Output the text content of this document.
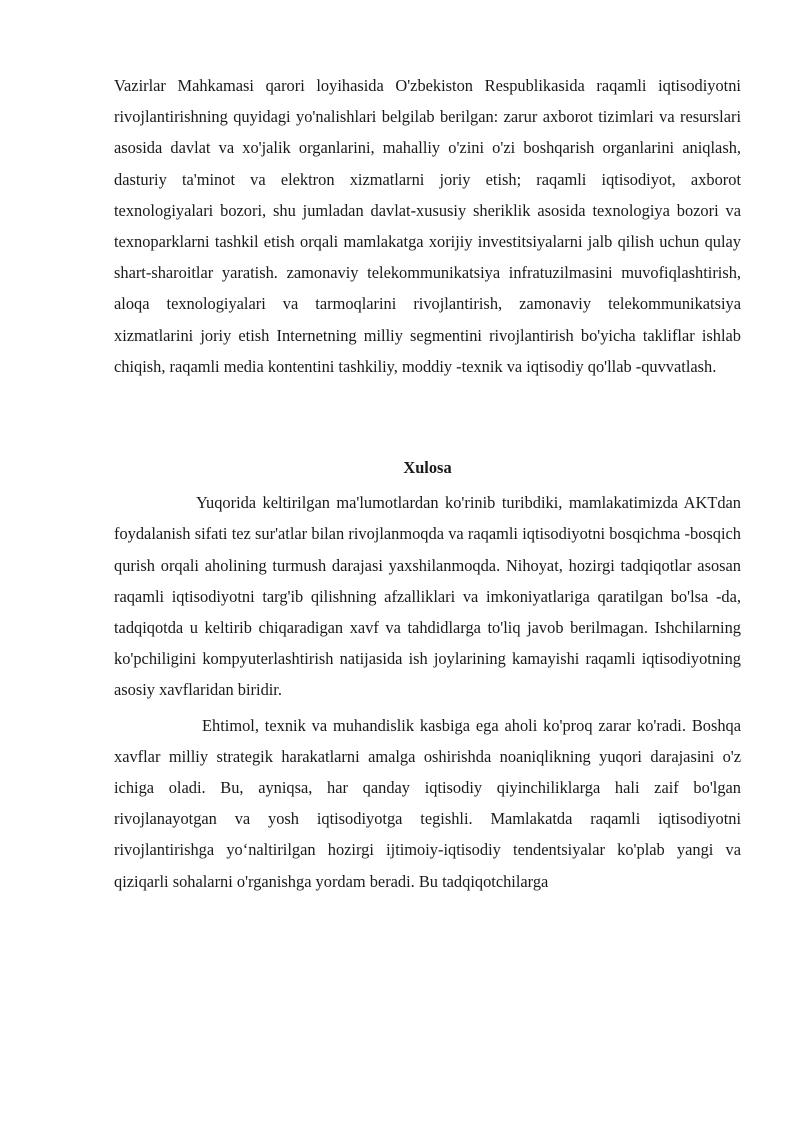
Vazirlar Mahkamasi qarori loyihasida O'zbekiston Respublikasida raqamli iqtisodiyotni rivojlantirishning quyidagi yo'nalishlari belgilab berilgan: zarur axborot tizimlari va resurslari asosida davlat va xo'jalik organlarini, mahalliy o'zini o'zi boshqarish organlarini aniqlash, dasturiy ta'minot va elektron xizmatlarni joriy etish; raqamli iqtisodiyot, axborot texnologiyalari bozori, shu jumladan davlat-xususiy sheriklik asosida texnologiya bozori va texnoparklarni tashkil etish orqali mamlakatga xorijiy investitsiyalarni jalb qilish uchun qulay shart-sharoitlar yaratish. zamonaviy telekommunikatsiya infratuzilmasini muvofiqlashtirish, aloqa texnologiyalari va tarmoqlarini rivojlantirish, zamonaviy telekommunikatsiya xizmatlarini joriy etish Internetning milliy segmentini rivojlantirish bo'yicha takliflar ishlab chiqish, raqamli media kontentini tashkiliy, moddiy -texnik va iqtisodiy qo'llab -quvvatlash.

Xulosa

Yuqorida keltirilgan ma'lumotlardan ko'rinib turibdiki, mamlakatimizda AKTdan foydalanish sifati tez sur'atlar bilan rivojlanmoqda va raqamli iqtisodiyotni bosqichma -bosqich qurish orqali aholining turmush darajasi yaxshilanmoqda. Nihoyat, hozirgi tadqiqotlar asosan raqamli iqtisodiyotni targ'ib qilishning afzalliklari va imkoniyatlariga qaratilgan bo'lsa -da, tadqiqotda u keltirib chiqaradigan xavf va tahdidlarga to'liq javob berilmagan. Ishchilarning ko'pchiligini kompyuterlashtirish natijasida ish joylarining kamayishi raqamli iqtisodiyotning asosiy xavflaridan biridir.

Ehtimol, texnik va muhandislik kasbiga ega aholi ko'proq zarar ko'radi. Boshqa xavflar milliy strategik harakatlarni amalga oshirishda noaniqlikning yuqori darajasini o'z ichiga oladi. Bu, ayniqsa, har qanday iqtisodiy qiyinchiliklarga hali zaif bo'lgan rivojlanayotgan va yosh iqtisodiyotga tegishli. Mamlakatda raqamli iqtisodiyotni rivojlantirishga yo‘naltirilgan hozirgi ijtimoiy-iqtisodiy tendentsiyalar ko'plab yangi va qiziqarli sohalarni o'rganishga yordam beradi. Bu tadqiqotchilarga
